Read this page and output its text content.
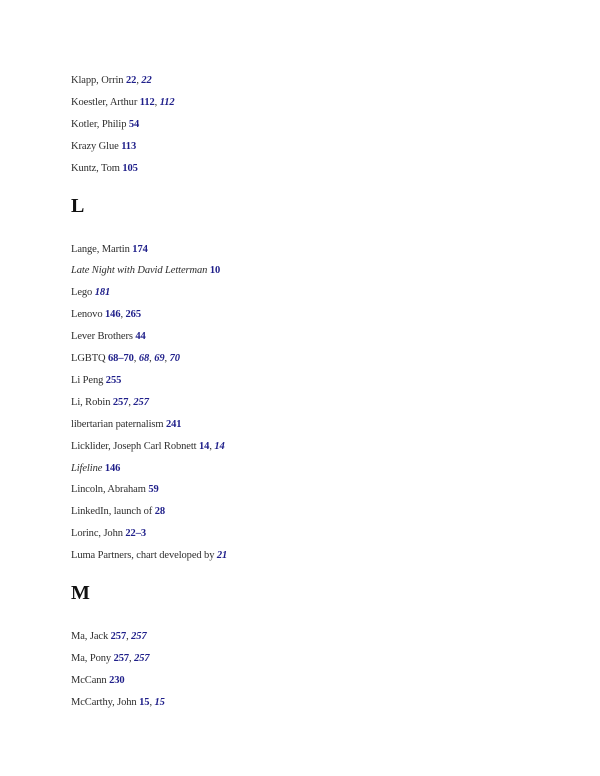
Klapp, Orrin 22, 22
Koestler, Arthur 112, 112
Kotler, Philip 54
Krazy Glue 113
Kuntz, Tom 105
L
Lange, Martin 174
Late Night with David Letterman 10
Lego 181
Lenovo 146, 265
Lever Brothers 44
LGBTQ 68–70, 68, 69, 70
Li Peng 255
Li, Robin 257, 257
libertarian paternalism 241
Licklider, Joseph Carl Robnett 14, 14
Lifeline 146
Lincoln, Abraham 59
LinkedIn, launch of 28
Lorinc, John 22–3
Luma Partners, chart developed by 21
M
Ma, Jack 257, 257
Ma, Pony 257, 257
McCann 230
McCarthy, John 15, 15
